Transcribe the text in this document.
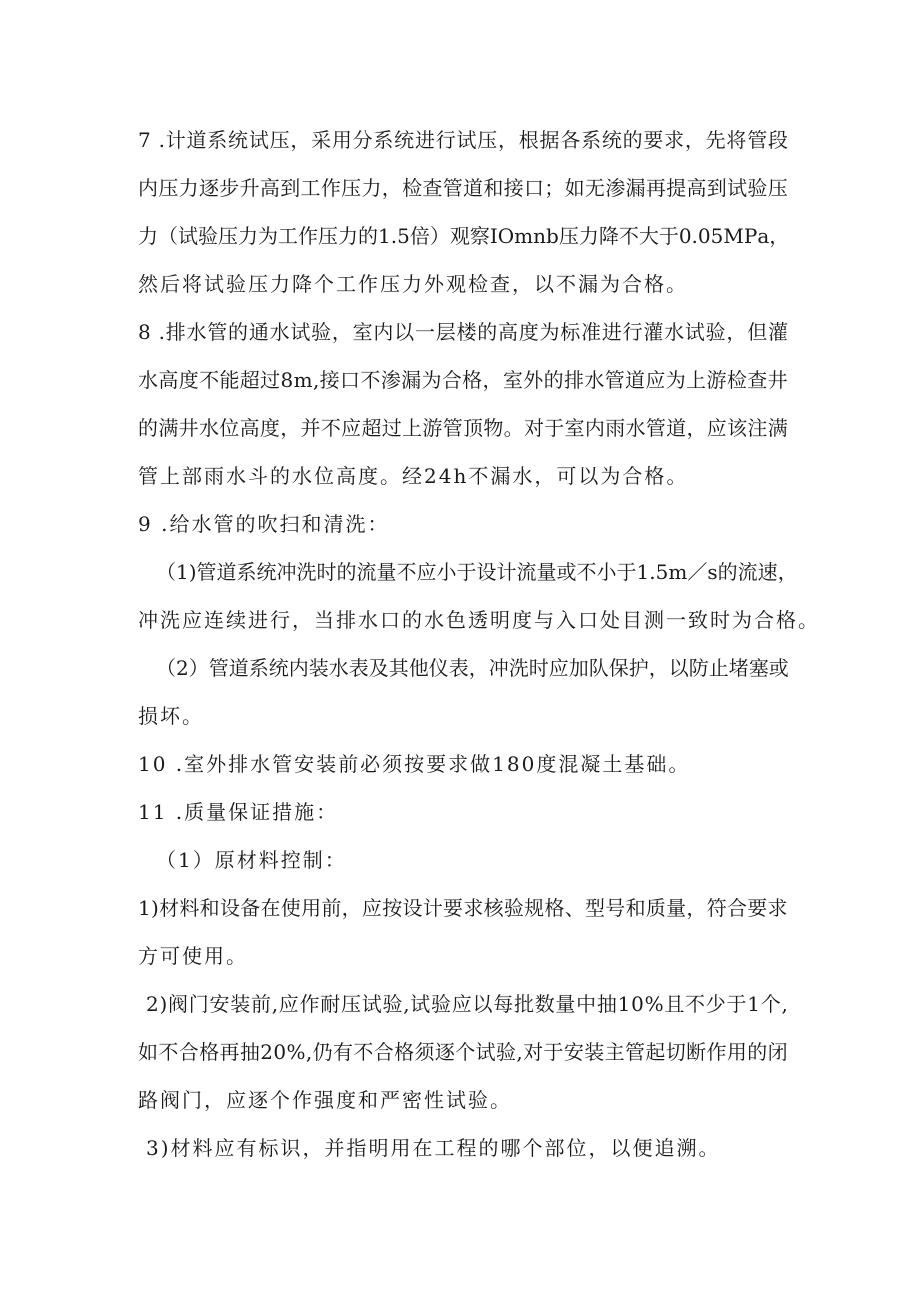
7
. 计 道 系 统 试 压 ， 采 用 分 系 统 进 行 试 压 ， 根 据 各 系 统 的 要 求 ， 先 将 管 段
内 压 力 逐 步 升 高 到 工 作 压 力 ， 检 查 管 道 和 接 口 ； 如 无 渗 漏 再 提 高 到 试 验 压
力 （ 试 验 压 力 为 工 作 压 力 的 1 . 5 倍 ） 观 察 I O m n b 压 力 降 不 大 于 0 . 0 5 M P a ，
然后将试验压力降个工作压力外观检查，以不漏为合格。
8
. 排 水 管 的 通 水 试 验 ， 室 内 以 一 层 楼 的 高 度 为 标 准 进 行 灌 水 试 验 ， 但 灌
水 高 度 不 能 超 过 8 m , 接 口 不 渗 漏 为 合 格 ， 室 外 的 排 水 管 道 应 为 上 游 检 查 井
的 满 井 水 位 高 度 ， 并 不 应 超 过 上 游 管 顶 物 。 对 于 室 内 雨 水 管 道 ， 应 该 注 满
管上部雨水斗的水位高度。经24h不漏水，可以为合格。
9 .给水管的吹扫和清洗：
（ 1 ) 管 道 系 统 冲 洗 时 的 流 量 不 应 小 于 设 计 流 量 或 不 小 于 1 . 5 m ／ s 的 流 速 ，
冲洗应连续进行，当排水口的水色透明度与入口处目测一致时为合格。
（ 2 ） 管 道 系 统 内 装 水 表 及 其 他 仪 表 ， 冲 洗 时 应 加 队 保 护 ， 以 防 止 堵 塞 或
损坏。
10 .室外排水管安装前必须按要求做180度混凝土基础。
11 .质量保证措施：
（1）原材料控制：
1 ) 材 料 和 设 备 在 使 用 前 ， 应 按 设 计 要 求 核 验 规 格 、 型 号 和 质 量 ， 符 合 要 求
方可使用。
2 ) 阀 门 安 装 前 , 应 作 耐 压 试 验 , 试 验 应 以 每 批 数 量 中 抽 1 0 % 且 不 少 于 1 个 ,
如 不 合 格 再 抽 2 0 % , 仍 有 不 合 格 须 逐 个 试 验 , 对 于 安 装 主 管 起 切 断 作 用 的 闭
路阀门，应逐个作强度和严密性试验。
3)材料应有标识，并指明用在工程的哪个部位，以便追溯。
